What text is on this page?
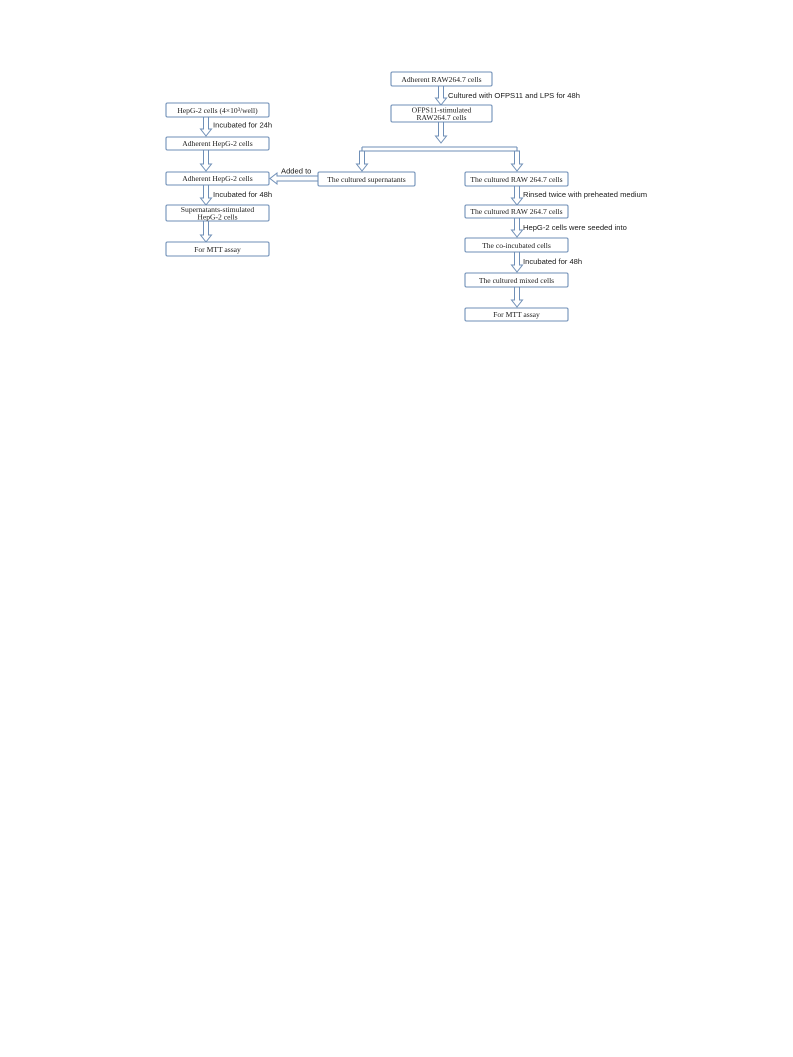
Adherent RAW264.7 cells
OFPS11-stimulated
RAW264.7 cells
HepG-2 cells (4×10³/well)
Adherent HepG-2 cells
Adherent HepG-2 cells
Supernatants-stimulated
HepG-2 cells
For MTT assay
The cultured supernatants	The cultured RAW 264.7 cells
The cultured RAW 264.7 cells
The co-incubated cells
The cultured mixed cells
For MTT assay
Cultured with OFPS11 and LPS for 48h
Incubated for 24h
Added to
Incubated for 48h	Rinsed twice with preheated medium
HepG-2 cells were seeded into
Incubated for 48h
